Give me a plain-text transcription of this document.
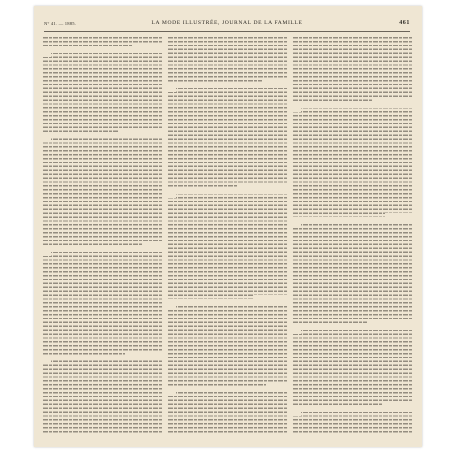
N° 41. — 1885.	LA MODE ILLUSTRÉE, JOURNAL DE LA FAMILLE	461
